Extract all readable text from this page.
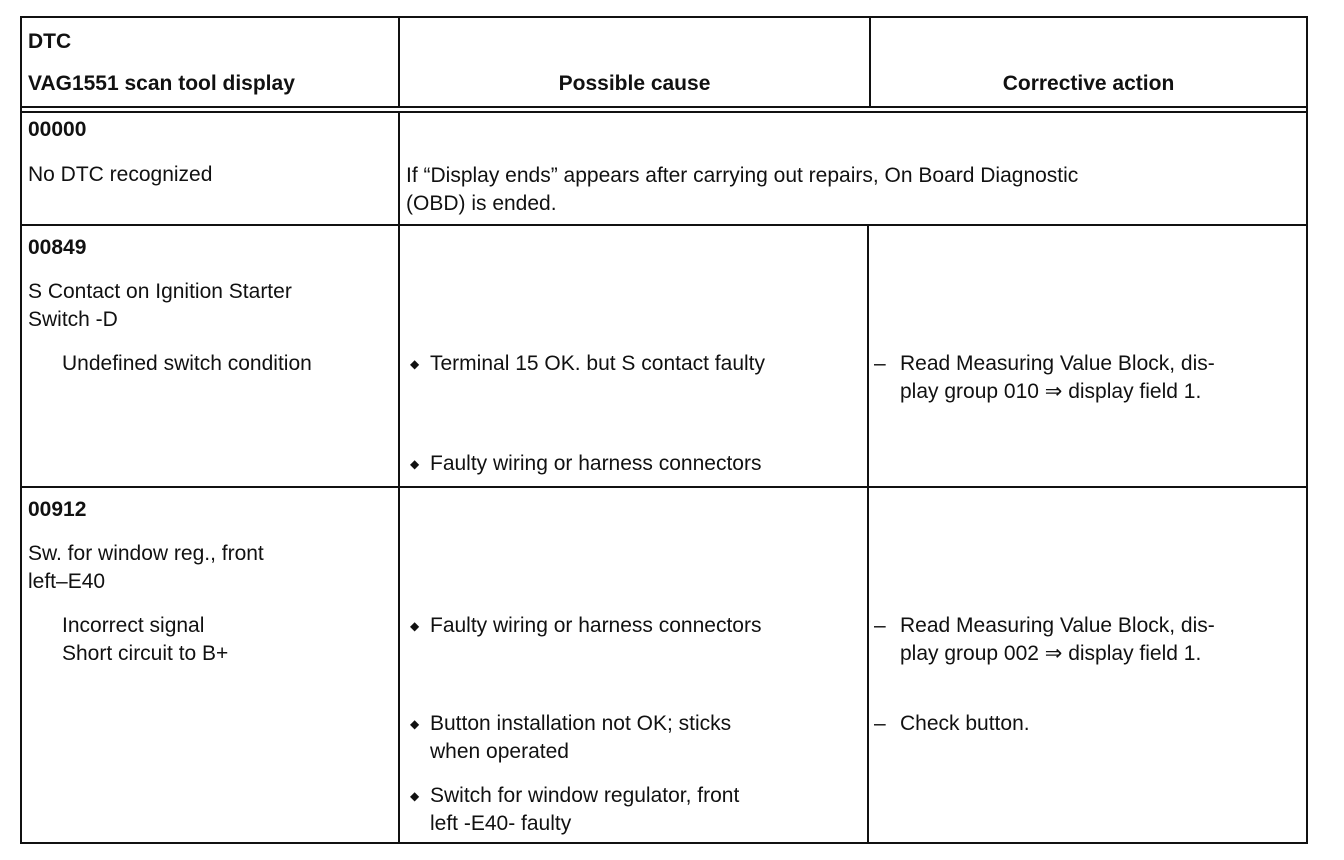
DTC
VAG1551 scan tool display	Possible cause	Corrective action
00000
No DTC recognized	If “Display ends” appears after carrying out repairs, On Board Diagnostic
(OBD) is ended.
00849
S Contact on Ignition Starter
Switch -D
Undefined switch condition
◆	Terminal 15 OK. but S contact faulty
◆ Faulty wiring or harness connectors
– Read Measuring Value Block, dis-
play group 010 ⇒ display field 1.
00912
Sw. for window reg., front
left–E40
Incorrect signal
Short circuit to B+
◆ Faulty wiring or harness connectors
◆ Button installation not OK; sticks
when operated
◆ Switch for window regulator, front
left -E40- faulty
– Read Measuring Value Block, dis-
play group 002 ⇒ display field 1.
– Check button.
